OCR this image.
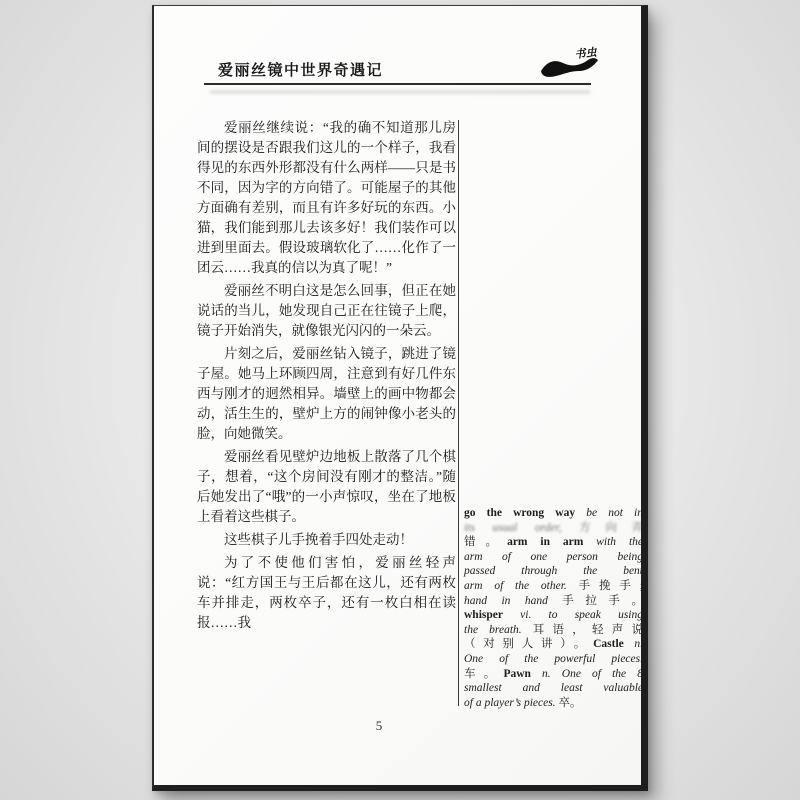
爱丽丝镜中世界奇遇记
书虫

爱丽丝继续说：“我的确不知道那儿房间的摆设是否跟我们这儿的一个样子，我看得见的东西外形都没有什么两样——只是书不同，因为字的方向错了。可能屋子的其他方面确有差别，而且有许多好玩的东西。小猫，我们能到那儿去该多好！我们装作可以进到里面去。假设玻璃软化了……化作了一团云……我真的信以为真了呢！”

爱丽丝不明白这是怎么回事，但正在她说话的当儿，她发现自己正在往镜子上爬，镜子开始消失，就像银光闪闪的一朵云。

片刻之后，爱丽丝钻入镜子，跳进了镜子屋。她马上环顾四周，注意到有好几件东西与刚才的迥然相异。墙壁上的画中物都会动，活生生的，壁炉上方的闹钟像小老头的脸，向她微笑。

爱丽丝看见壁炉边地板上散落了几个棋子，想着，“这个房间没有刚才的整洁。”随后她发出了“哦”的一小声惊叹，坐在了地板上看着这些棋子。

这些棋子儿手挽着手四处走动！

为了不使他们害怕，爱丽丝轻声说：“红方国王与王后都在这儿，还有两枚车并排走，两枚卒子，还有一枚白相在读报……我

go the wrong way be not in
its usual order, 方向弄
错。arm in arm with the
arm of one person being
passed through the bent
arm of the other. 手挽手;
hand in hand 手拉手。
whisper vi. to speak using
the breath. 耳语，轻声说
（对别人讲）。Castle n.
One of the powerful pieces.
车。Pawn n. One of the 8
smallest and least valuable
of a player’s pieces. 卒。
5
